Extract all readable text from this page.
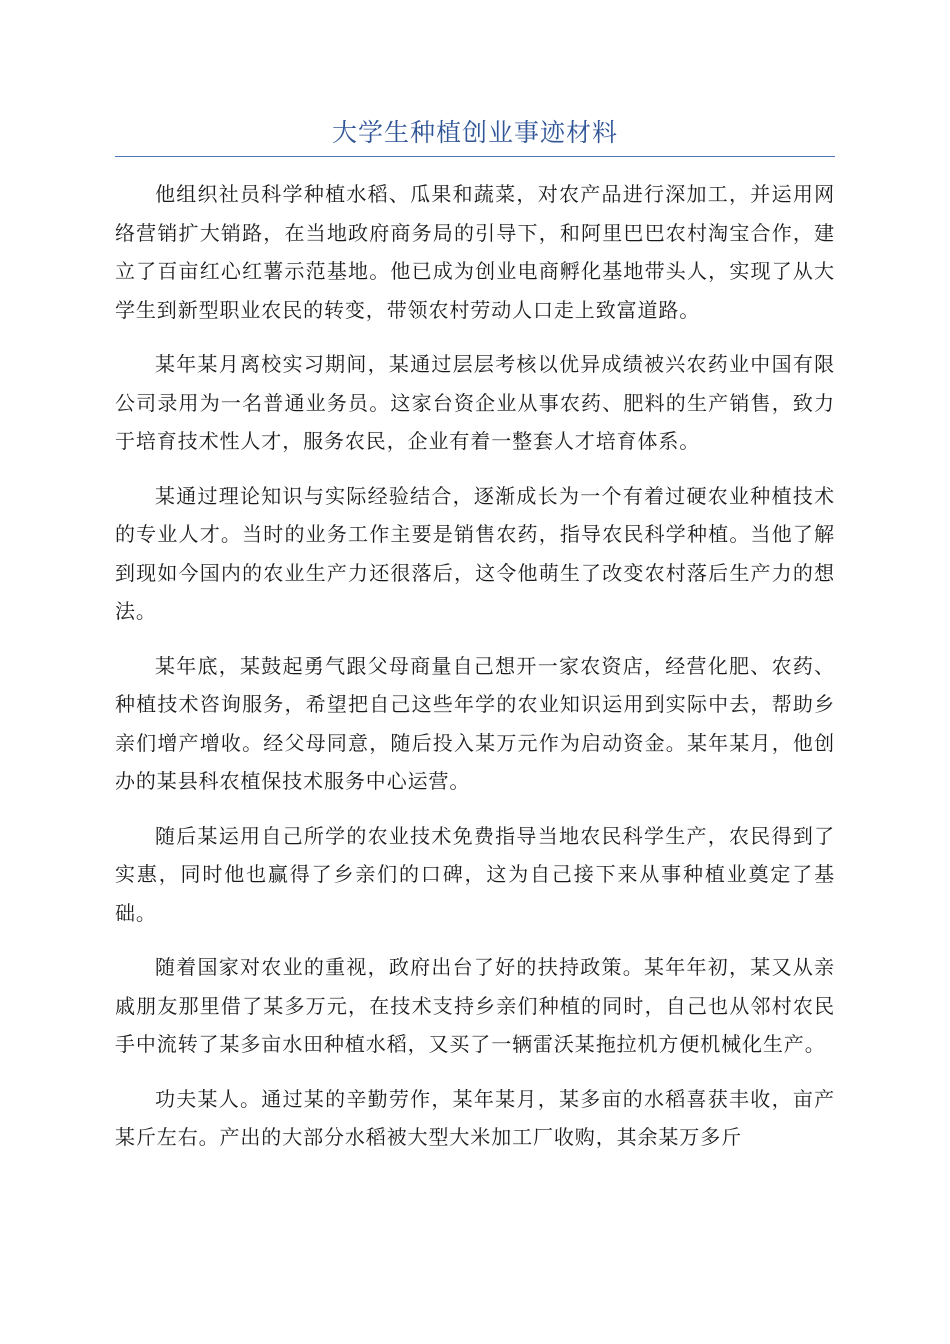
大学生种植创业事迹材料

他组织社员科学种植水稻、瓜果和蔬菜，对农产品进行深加工，并运用网络营销扩大销路，在当地政府商务局的引导下，和阿里巴巴农村淘宝合作，建立了百亩红心红薯示范基地。他已成为创业电商孵化基地带头人，实现了从大学生到新型职业农民的转变，带领农村劳动人口走上致富道路。

某年某月离校实习期间，某通过层层考核以优异成绩被兴农药业中国有限公司录用为一名普通业务员。这家台资企业从事农药、肥料的生产销售，致力于培育技术性人才，服务农民，企业有着一整套人才培育体系。

某通过理论知识与实际经验结合，逐渐成长为一个有着过硬农业种植技术的专业人才。当时的业务工作主要是销售农药，指导农民科学种植。当他了解到现如今国内的农业生产力还很落后，这令他萌生了改变农村落后生产力的想法。

某年底，某鼓起勇气跟父母商量自己想开一家农资店，经营化肥、农药、种植技术咨询服务，希望把自己这些年学的农业知识运用到实际中去，帮助乡亲们增产增收。经父母同意，随后投入某万元作为启动资金。某年某月，他创办的某县科农植保技术服务中心运营。

随后某运用自己所学的农业技术免费指导当地农民科学生产，农民得到了实惠，同时他也赢得了乡亲们的口碑，这为自己接下来从事种植业奠定了基础。

随着国家对农业的重视，政府出台了好的扶持政策。某年年初，某又从亲戚朋友那里借了某多万元，在技术支持乡亲们种植的同时，自己也从邻村农民手中流转了某多亩水田种植水稻，又买了一辆雷沃某拖拉机方便机械化生产。

功夫某人。通过某的辛勤劳作，某年某月，某多亩的水稻喜获丰收，亩产某斤左右。产出的大部分水稻被大型大米加工厂收购，其余某万多斤
